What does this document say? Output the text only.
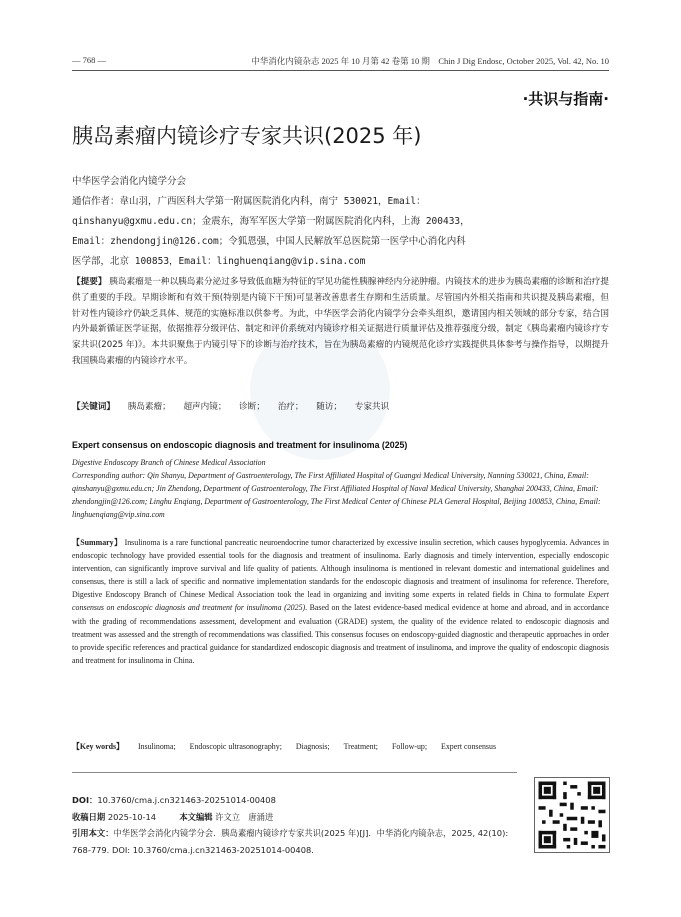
— 768 —	中华消化内镜杂志 2025 年 10 月第 42 卷第 10 期　Chin J Dig Endosc, October 2025, Vol. 42, No. 10
·共识与指南·
胰岛素瘤内镜诊疗专家共识(2025 年)
中华医学会消化内镜学分会
通信作者：韋山羽，广西医科大学第一附属医院消化内科，南宁 530021，Email：
qinshanyu@gxmu.edu.cn；金震东，海军军医大学第一附属医院消化内科，上海 200433，
Email：zhendongjin@126.com；令狐恩强，中国人民解放军总医院第一医学中心消化内科
医学部，北京 100853，Email：linghuenqiang@vip.sina.com
【提要】 胰岛素瘤是一种以胰岛素分泌过多导致低血糖为特征的罕见功能性胰腺神经内分泌肿瘤。内镜技术的进步为胰岛素瘤的诊断和治疗提供了重要的手段。早期诊断和有效干预(特别是内镜下干预)可显著改善患者生存期和生活质量。尽管国内外相关指南和共识提及胰岛素瘤，但针对性内镜诊疗仍缺乏具体、规范的实施标准以供参考。为此，中华医学会消化内镜学分会牵头组织，邀请国内相关领域的部分专家，结合国内外最新循证医学证据，依据推荐分级评估、制定和评价系统对内镜诊疗相关证据进行质量评估及推荐强度分级，制定《胰岛素瘤内镜诊疗专家共识(2025 年)》。本共识聚焦于内镜引导下的诊断与治疗技术，旨在为胰岛素瘤的内镜规范化诊疗实践提供具体参考与操作指导，以期提升我国胰岛素瘤的内镜诊疗水平。
【关键词】 胰岛素瘤； 超声内镜； 诊断； 治疗； 随访； 专家共识
Expert consensus on endoscopic diagnosis and treatment for insulinoma (2025)

Digestive Endoscopy Branch of Chinese Medical Association

Corresponding author: Qin Shanyu, Department of Gastroenterology, The First Affiliated Hospital of Guangxi Medical University, Nanning 530021, China, Email: qinshanyu@gxmu.edu.cn; Jin Zhendong, Department of Gastroenterology, The First Affiliated Hospital of Naval Medical University, Shanghai 200433, China, Email: zhendongjin@126.com; Linghu Enqiang, Department of Gastroenterology, The First Medical Center of Chinese PLA General Hospital, Beijing 100853, China, Email: linghuenqiang@vip.sina.com

【Summary】 Insulinoma is a rare functional pancreatic neuroendocrine tumor characterized by excessive insulin secretion, which causes hypoglycemia. Advances in endoscopic technology have provided essential tools for the diagnosis and treatment of insulinoma. Early diagnosis and timely intervention, especially endoscopic intervention, can significantly improve survival and life quality of patients. Although insulinoma is mentioned in relevant domestic and international guidelines and consensus, there is still a lack of specific and normative implementation standards for the endoscopic diagnosis and treatment of insulinoma for reference. Therefore, Digestive Endoscopy Branch of Chinese Medical Association took the lead in organizing and inviting some experts in related fields in China to formulate Expert consensus on endoscopic diagnosis and treatment for insulinoma (2025). Based on the latest evidence-based medical evidence at home and abroad, and in accordance with the grading of recommendations assessment, development and evaluation (GRADE) system, the quality of the evidence related to endoscopic diagnosis and treatment was assessed and the strength of recommendations was classified. This consensus focuses on endoscopy-guided diagnostic and therapeutic approaches in order to provide specific references and practical guidance for standardized endoscopic diagnosis and treatment of insulinoma, and improve the quality of endoscopic diagnosis and treatment for insulinoma in China.
【Key words】 Insulinoma; Endoscopic ultrasonography; Diagnosis; Treatment; Follow-up; Expert consensus
DOI：10.3760/cma.j.cn321463-20251014-00408
收稿日期 2025-10-14	本文编辑 许文立　唐涌进
引用本文：中华医学会消化内镜学分会．胰岛素瘤内镜诊疗专家共识(2025 年)[J]．中华消化内镜杂志，2025, 42(10): 768-779. DOI: 10.3760/cma.j.cn321463-20251014-00408.
